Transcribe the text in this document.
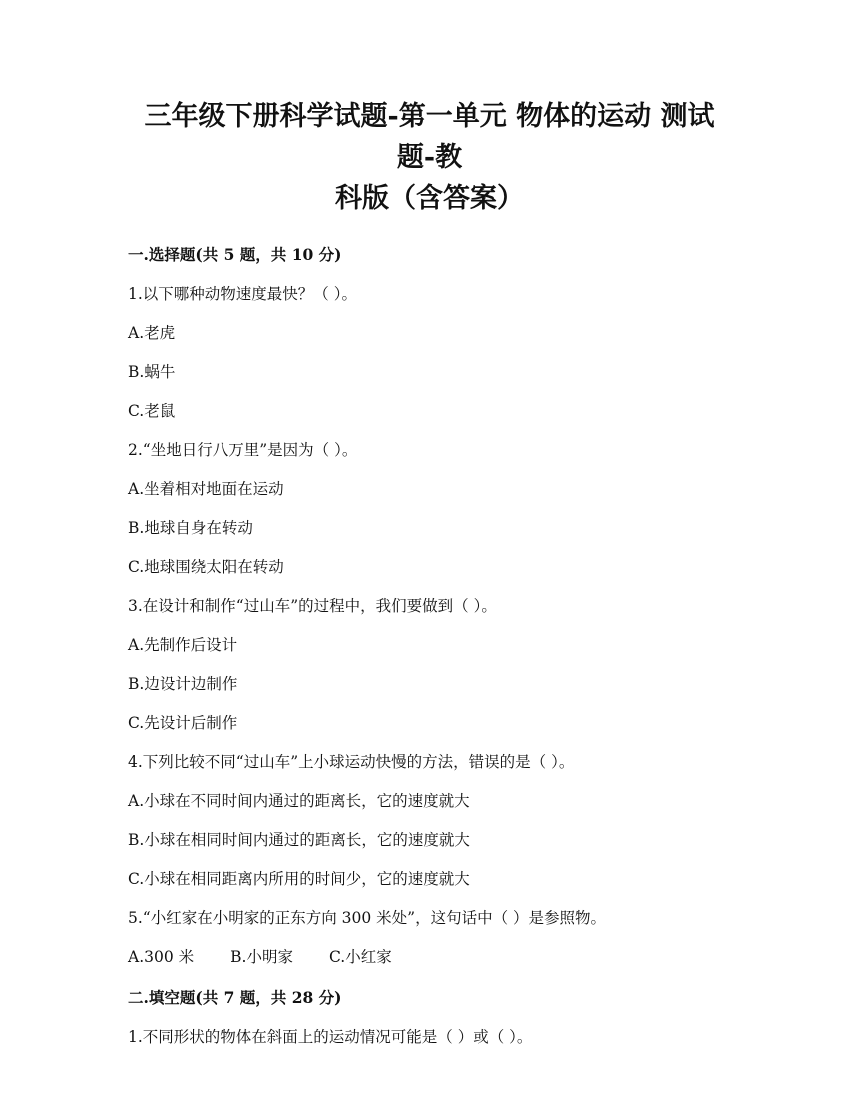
三年级下册科学试题-第一单元 物体的运动 测试题-教
科版（含答案）
一.选择题(共 5 题，共 10 分)
1.以下哪种动物速度最快？（ ）。
A.老虎
B.蜗牛
C.老鼠
2.“坐地日行八万里”是因为（ ）。
A.坐着相对地面在运动
B.地球自身在转动
C.地球围绕太阳在转动
3.在设计和制作“过山车”的过程中，我们要做到（ ）。
A.先制作后设计
B.边设计边制作
C.先设计后制作
4.下列比较不同“过山车”上小球运动快慢的方法，错误的是（ ）。
A.小球在不同时间内通过的距离长，它的速度就大
B.小球在相同时间内通过的距离长，它的速度就大
C.小球在相同距离内所用的时间少，它的速度就大
5.“小红家在小明家的正东方向 300 米处”，这句话中（ ）是参照物。
A.300 米 B.小明家 C.小红家
二.填空题(共 7 题，共 28 分)
1.不同形状的物体在斜面上的运动情况可能是（ ）或（ ）。
